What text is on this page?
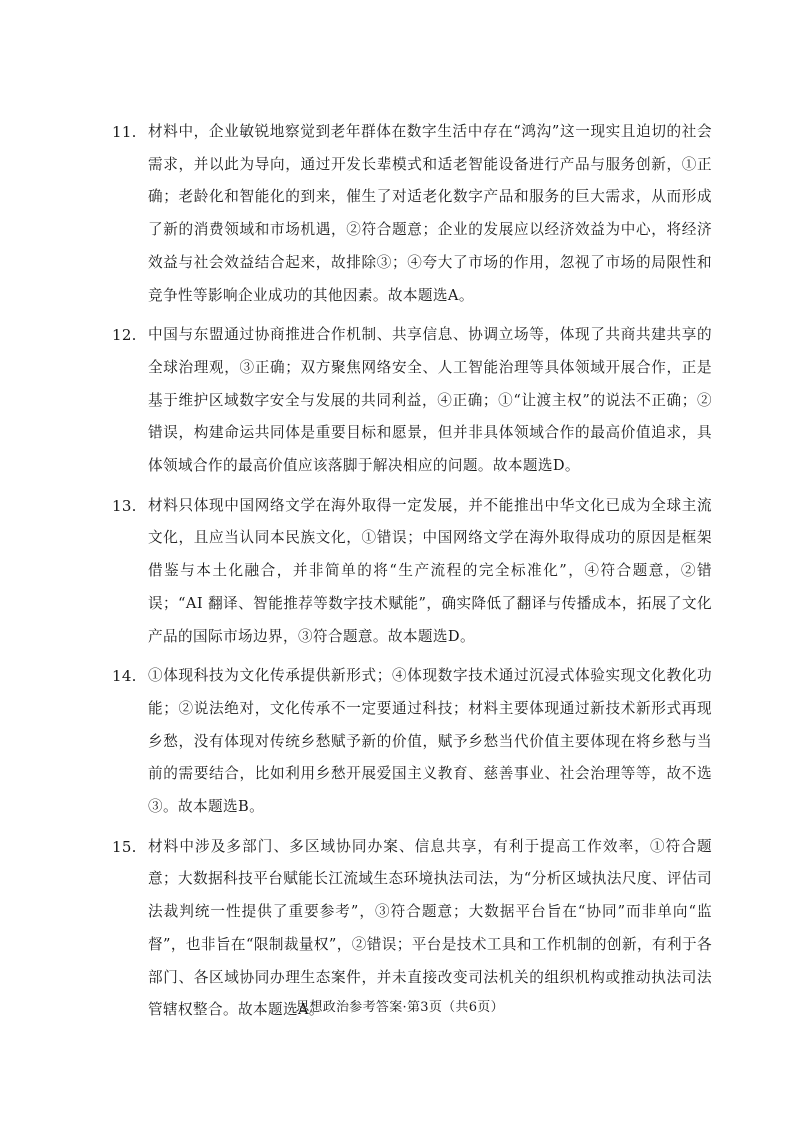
11. 材料中，企业敏锐地察觉到老年群体在数字生活中存在“鸿沟”这一现实且迫切的社会需求，并以此为导向，通过开发长辈模式和适老智能设备进行产品与服务创新，①正确；老龄化和智能化的到来，催生了对适老化数字产品和服务的巨大需求，从而形成了新的消费领域和市场机遇，②符合题意；企业的发展应以经济效益为中心，将经济效益与社会效益结合起来，故排除③；④夸大了市场的作用，忽视了市场的局限性和竞争性等影响企业成功的其他因素。故本题选A。
12. 中国与东盟通过协商推进合作机制、共享信息、协调立场等，体现了共商共建共享的全球治理观，③正确；双方聚焦网络安全、人工智能治理等具体领域开展合作，正是基于维护区域数字安全与发展的共同利益，④正确；①“让渡主权”的说法不正确；②错误，构建命运共同体是重要目标和愿景，但并非具体领域合作的最高价值追求，具体领域合作的最高价值应该落脚于解决相应的问题。故本题选D。
13. 材料只体现中国网络文学在海外取得一定发展，并不能推出中华文化已成为全球主流文化，且应当认同本民族文化，①错误；中国网络文学在海外取得成功的原因是框架借鉴与本土化融合，并非简单的将“生产流程的完全标准化”，④符合题意，②错误；“AI 翻译、智能推荐等数字技术赋能”，确实降低了翻译与传播成本，拓展了文化产品的国际市场边界，③符合题意。故本题选D。
14. ①体现科技为文化传承提供新形式；④体现数字技术通过沉浸式体验实现文化教化功能；②说法绝对，文化传承不一定要通过科技；材料主要体现通过新技术新形式再现乡愁，没有体现对传统乡愁赋予新的价值，赋予乡愁当代价值主要体现在将乡愁与当前的需要结合，比如利用乡愁开展爱国主义教育、慈善事业、社会治理等等，故不选③。故本题选B。
15. 材料中涉及多部门、多区域协同办案、信息共享，有利于提高工作效率，①符合题意；大数据科技平台赋能长江流域生态环境执法司法，为“分析区域执法尺度、评估司法裁判统一性提供了重要参考”，③符合题意；大数据平台旨在“协同”而非单向“监督”，也非旨在“限制裁量权”，②错误；平台是技术工具和工作机制的创新，有利于各部门、各区域协同办理生态案件，并未直接改变司法机关的组织机构或推动执法司法管辖权整合。故本题选A。
思想政治参考答案·第3页（共6页）
